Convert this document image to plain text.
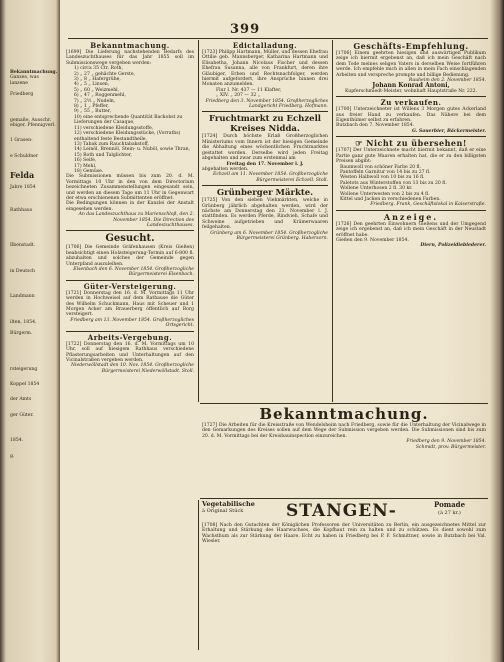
Bekanntmachung.
Ganzes, was
lanzene
Friedberg
gemaße, Ausschr.
ebiger, Pfennigverl.
1 Grasen-
e Schuldner
Felda
Jahre 1854
Rathhaus
Ilbenstadt.
in Deutsch
Landmann
ilten, 1854.
Bürgerm.
rsteigerung
Koppel 1854
der Amts
ger Güter.
1854.
g.
399
Bekanntmachung.
[1699] Die Lieferung nachstehenden Bedarfs des Landeszuchthauses für das Jahr 1855 soll im Submissionswege vergeben werden:
1) circa 35 Ctr. Roth,
2) „ 27 „ gehächte Gerste,
3) „ 8 „ Hafergrühe,
4) „ 5 „ Linsen,
5) „ 60 „ Weizmehl,
6) „ 47 „ Roggenmehl,
7) „ 2½ „ Nudeln,
8) „ 1 „ Pfeffer,
9) „ 55 „ Butter,
10) eine entsprechende Quantität Backobst zu Lieferungen der Casaque,
11) verschiedene Kleidungsstoffe,
12) verschiedene Kleidungsstücke, (Vorraths) enthaltend feste Bestandtheile,
13) Tabak zum Rauchtabakstoff,
14) Leinöl, Brennöl, Stein- u. Nuböl, sowie Thran,
15) Roth und Talglichter,
16) Seife,
17) Mehl,
18) Gemüse.
Die Submissionen müssen bis zum 20. d. M. Vormittags 10 Uhr in den von dem Directorium bezeichneten Zusammenstellungen eingesandt sein, und werden an diesem Tage um 11 Uhr in Gegenwart der etwa erschienenen Submittenten eröffnet.
Die Bedingungen können in der Kanzlei der Anstalt eingesehen werden.
An das Landeszuchthaus zu Marienschloß, den 2. November 1854. Die Direction des Landeszuchthauses.
Gesucht.
[1706] Die Gemeinde Gräfenhausen (Kreis Gießen) beabsichtigt einen Holzsteigerung-Termin auf 6-800 fl. abzuhalten und solches der Gemeinde gegen Unterpfand auszuleihen.
Elsenbach den 6. November 1854. Großherzogliche Bürgermeisterei Elsenbach.
Güter-Versteigerung.
[1721] Donnerstag den 16. d. M. Vormittags 11 Uhr werden in Hochweisel auf dem Rathause die Güter des Wilhelm Schuckmann, Haus mit Scheuer und 1 Morgen Acker am Brauerberg öffentlich auf Borg versteigert.
Friedberg am 13. November 1854. Großherzogliches Ortsgericht.
Arbeits-Vergebung.
[1722] Donnerstag den 16. d. M. Vormittags um 10 Uhr, soll auf hiesigem Rathhaus verschiedene Pflasterungsarbeiten und Unterhaltungen auf den Vicinalstraßen vergeben werden.
Niederwöllstadt den 10. Nov. 1854. Großherzogliche Bürgermeisterei Niederwöllstadt. Stoll.
Edictalladung.
[1723] Philipp Hartmann, Müller, und dessen Ehefrau Ottilie geb. Mannsberger, Katharina Hartmann und Elisabetha, Johann Nicolaus Fischer und dessen Ehefrau Susanna, alle von Frankfurt, deren ihre Gläubiger, Erben und Rechtsnachfolger, werden hiermit aufgefordert, ihre Ansprüche binnen drei Monaten anzumelden.
Flur I. Nr. 437 — 11 Klafter,
„ XIV. „ 207 — 32 „
Friedberg den 3. November 1854. Großherzogliches Landgericht Friedberg. Hofmann.
Fruchtmarkt zu Echzell
Kreises Nidda.
[1724] Durch höchste Erlaß Großherzoglichen Ministeriums vom Innern ist der hiesigen Gemeinde die Abhaltung eines wöchentlichen Fruchtmarktes gestattet worden. Derselbe wird jeden Freitag abgehalten und zwar zum erstenmal am
Freitag den 17. November l. J.
abgehalten werden.
Echzell am 11. November 1854. Großherzogliche Bürgermeisterei Echzell. Stoll.
Grünberger Märkte.
[1725] Von den sieben Viehmärkten, welche in Grünberg jährlich abgehalten werden, wird der nächste am Donnerstag den 23. November l. J. stattfinden. Es werden Pferde, Rindvieh, Schafe und Schweine aufgetrieben und Krämerwaaren feilgehalten.
Grünberg am 6. November 1854. Großherzogliche Bürgermeisterei Grünberg. Habersorn.
Geschäfts-Empfehlung.
[1706] Einem geehrten hiesigen und auswärtigen Publikum zeige ich hiermit ergebenst an, daß ich mein Geschäft nach dem Tode meines seligen Vaters in derselben Weise fortführen werde. Ich empfehle mich in allen in mein Fach einschlagenden Arbeiten und verspreche prompte und billige Bedienung.
Rauheim den 2. November 1854.
Johann Konrad Antoni,
Kupferschmiedt-Meister, wohnhaft Hauptstraße Nr. 222.
Zu verkaufen.
[1700] Unterzeichneter ist Willens 3 Morgen gutes Ackerland aus freier Hand zu verkaufen. Das Nähere bei dem Eigenthümer selbst zu erfahren.
Butzbach den 7. November 1854.
G. Sauerbier, Bäckermeister.
☞ Nicht zu übersehen!
[1707] Der Unterzeichnete macht hiermit bekannt, daß er eine Partie ganz gute Waaren erhalten hat, die er zu den billigsten Preisen abgibt:
Baumwoll von schöner Farbe 20 fl.
Pantoffeln Garnitur von 14 bis zu 27 fl.
Westen Halbwoll von 10 bis zu 16 fl.
Paletots aus Winterstoffen von 13 bis zu 20 fl.
Wollene Unterhosen 2 fl. 30 kr.
Wollene Unterwesten von 2 bis zu 4 fl.
Kittel und Jacken in verschiedenen Farben.
Friedberg. Frank, Geschäftslokal in Kaiserstraße.
Anzeige.
[1726] Den geehrten Einwohnern Gießens und der Umgegend zeige ich ergebenst an, daß ich mein Geschäft in der Neustadt eröffnet habe.
Gießen den 9. November 1854.
Diern, Polizeidieblederer.
Bekanntmachung.
[1727] Die Arbeiten für die Kreisstraße von Wendelsheim nach Friedberg, sowie für die Unterhaltung der Vicinalwege in den Gemarkungen des Kreises sollen auf dem Wege der Submission vergeben werden. Die Submissionen sind bis zum 20. d. M. Vormittags bei der Kreisbauinspection einzureichen.
Friedberg den 9. November 1854.
Schmidt, prov. Bürgermeister.
Vegetabilische
à Original Stück	STANGEN-	Pomade
(à 27 kr.)
[1708] Nach den Gutachten der Königlichen Professoren der Universitäten zu Berlin, ein ausgezeichnetes Mittel zur Erhaltung und Stärkung des Haarwuchses, die Kopfhaut rein zu halten und zu schützen. Es dient sowohl zum Wachsthum als zur Stärkung der Haare. Echt zu haben in Friedberg bei P. F. Schmittner, sowie in Butzbach bei Val. Wiesler.
